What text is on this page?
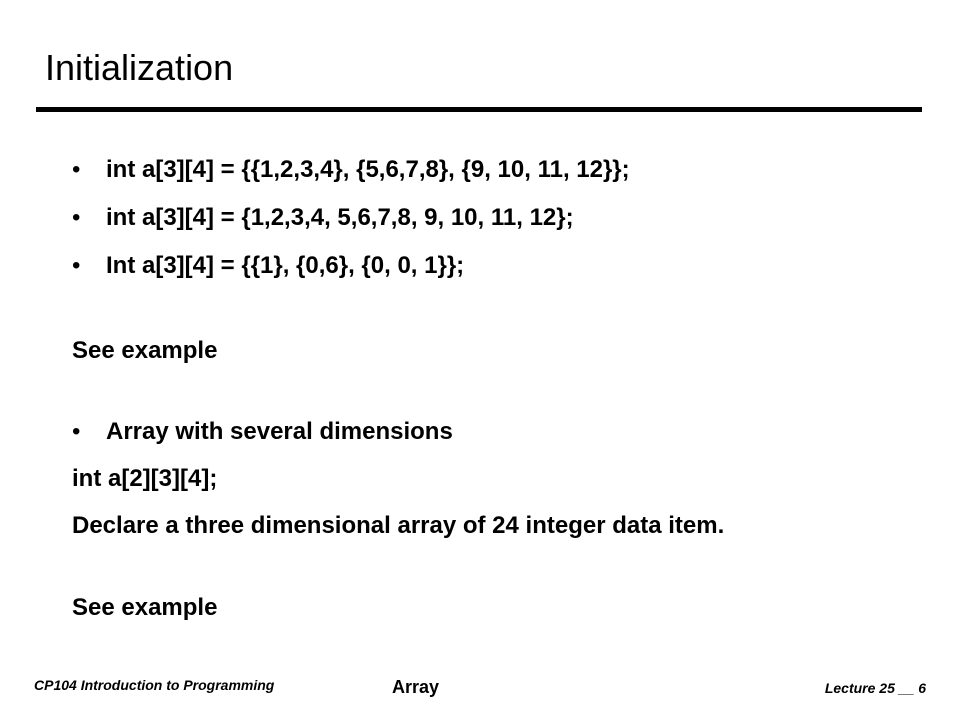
Initialization
• int a[3][4] = {{1,2,3,4}, {5,6,7,8}, {9, 10, 11, 12}};
• int a[3][4] = {1,2,3,4, 5,6,7,8, 9, 10, 11, 12};
• Int a[3][4] = {{1}, {0,6}, {0, 0, 1}};
See example
• Array with several dimensions
int a[2][3][4];
Declare a three dimensional array of 24 integer data item.
See example
CP104 Introduction to Programming	Array	Lecture 25 __ 6
